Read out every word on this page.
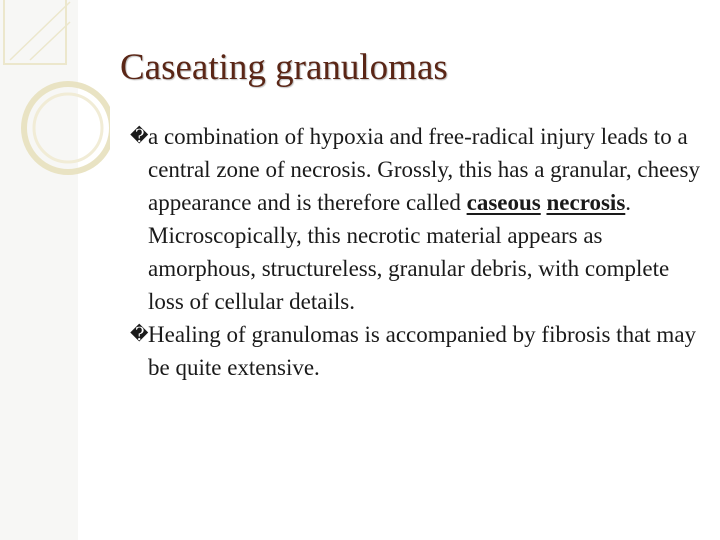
Caseating granulomas

� a combination of hypoxia and free-radical injury leads to a central zone of necrosis. Grossly, this has a granular, cheesy appearance and is therefore called caseous necrosis. Microscopically, this necrotic material appears as amorphous, structureless, granular debris, with complete loss of cellular details.

� Healing of granulomas is accompanied by fibrosis that may be quite extensive.
